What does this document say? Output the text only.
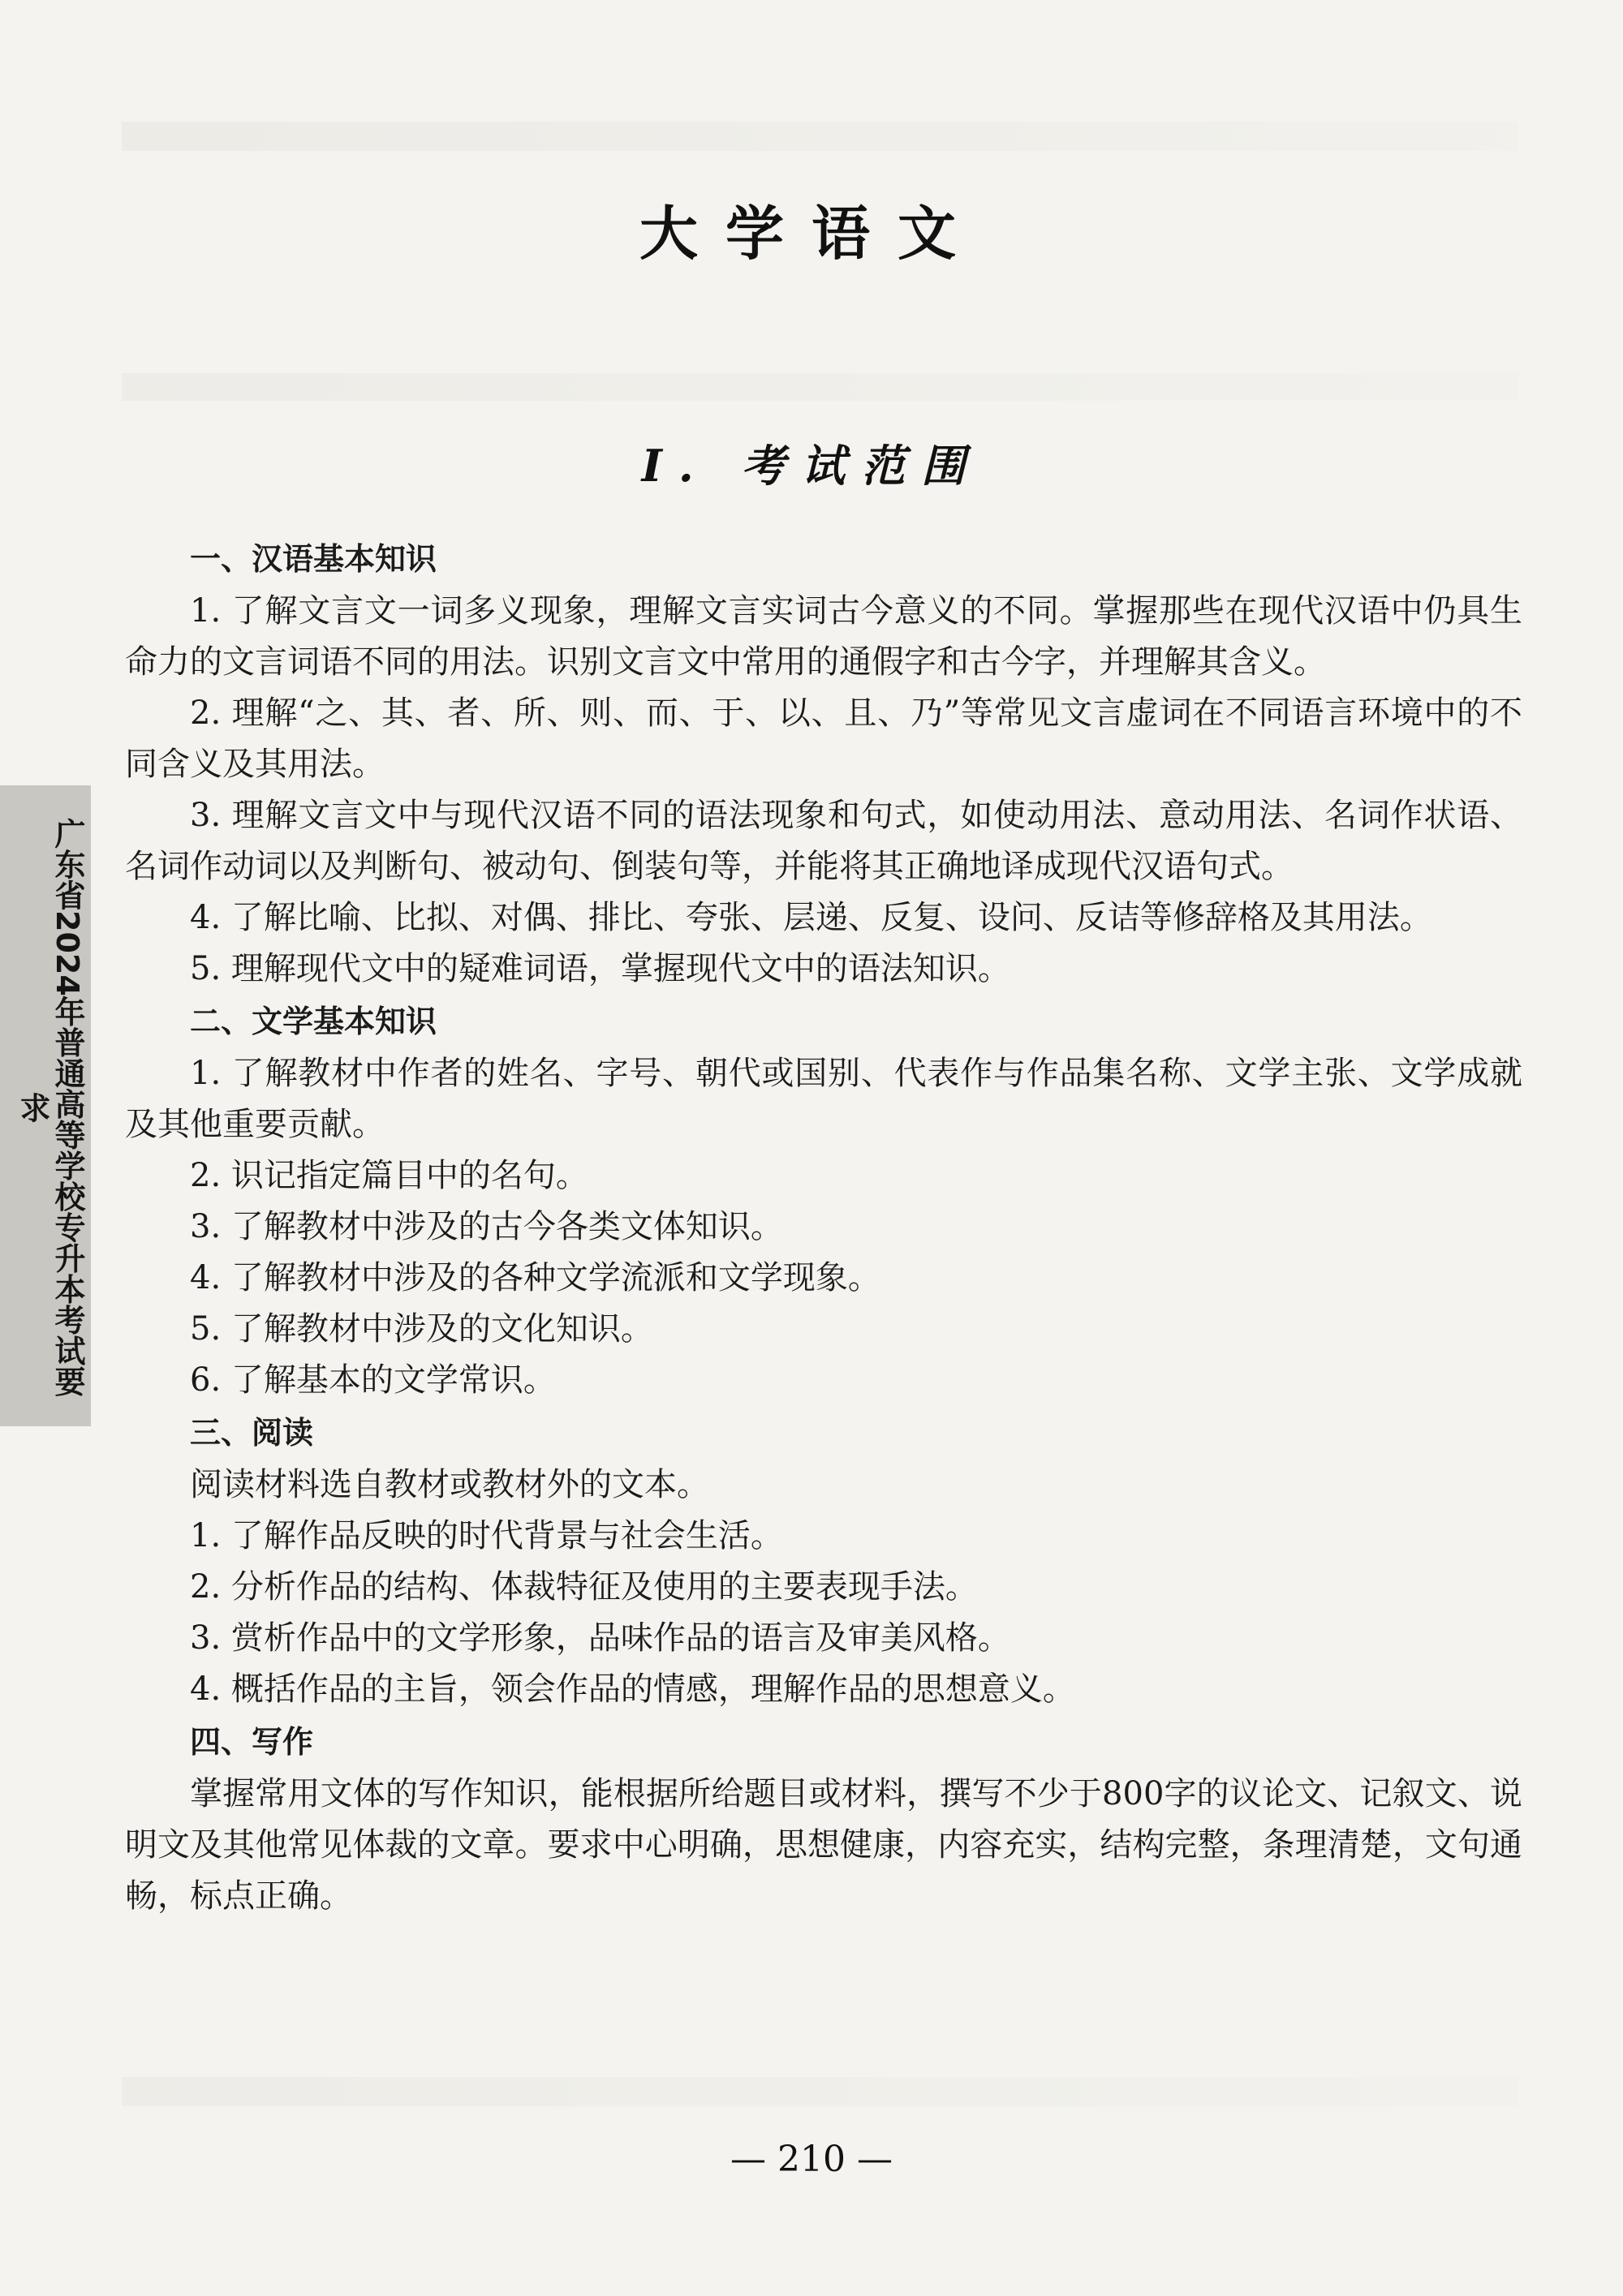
广东省2024年普通高等学校专升本考试要求
大学语文
Ⅰ. 考试范围

一、汉语基本知识

1. 了解文言文一词多义现象，理解文言实词古今意义的不同。掌握那些在现代汉语中仍具生命力的文言词语不同的用法。识别文言文中常用的通假字和古今字，并理解其含义。

2. 理解“之、其、者、所、则、而、于、以、且、乃”等常见文言虚词在不同语言环境中的不同含义及其用法。

3. 理解文言文中与现代汉语不同的语法现象和句式，如使动用法、意动用法、名词作状语、名词作动词以及判断句、被动句、倒装句等，并能将其正确地译成现代汉语句式。

4. 了解比喻、比拟、对偶、排比、夸张、层递、反复、设问、反诘等修辞格及其用法。

5. 理解现代文中的疑难词语，掌握现代文中的语法知识。

二、文学基本知识

1. 了解教材中作者的姓名、字号、朝代或国别、代表作与作品集名称、文学主张、文学成就及其他重要贡献。

2. 识记指定篇目中的名句。

3. 了解教材中涉及的古今各类文体知识。

4. 了解教材中涉及的各种文学流派和文学现象。

5. 了解教材中涉及的文化知识。

6. 了解基本的文学常识。

三、阅读

阅读材料选自教材或教材外的文本。

1. 了解作品反映的时代背景与社会生活。

2. 分析作品的结构、体裁特征及使用的主要表现手法。

3. 赏析作品中的文学形象，品味作品的语言及审美风格。

4. 概括作品的主旨，领会作品的情感，理解作品的思想意义。

四、写作

掌握常用文体的写作知识，能根据所给题目或材料，撰写不少于800字的议论文、记叙文、说明文及其他常见体裁的文章。要求中心明确，思想健康，内容充实，结构完整，条理清楚，文句通畅，标点正确。

— 210 —
